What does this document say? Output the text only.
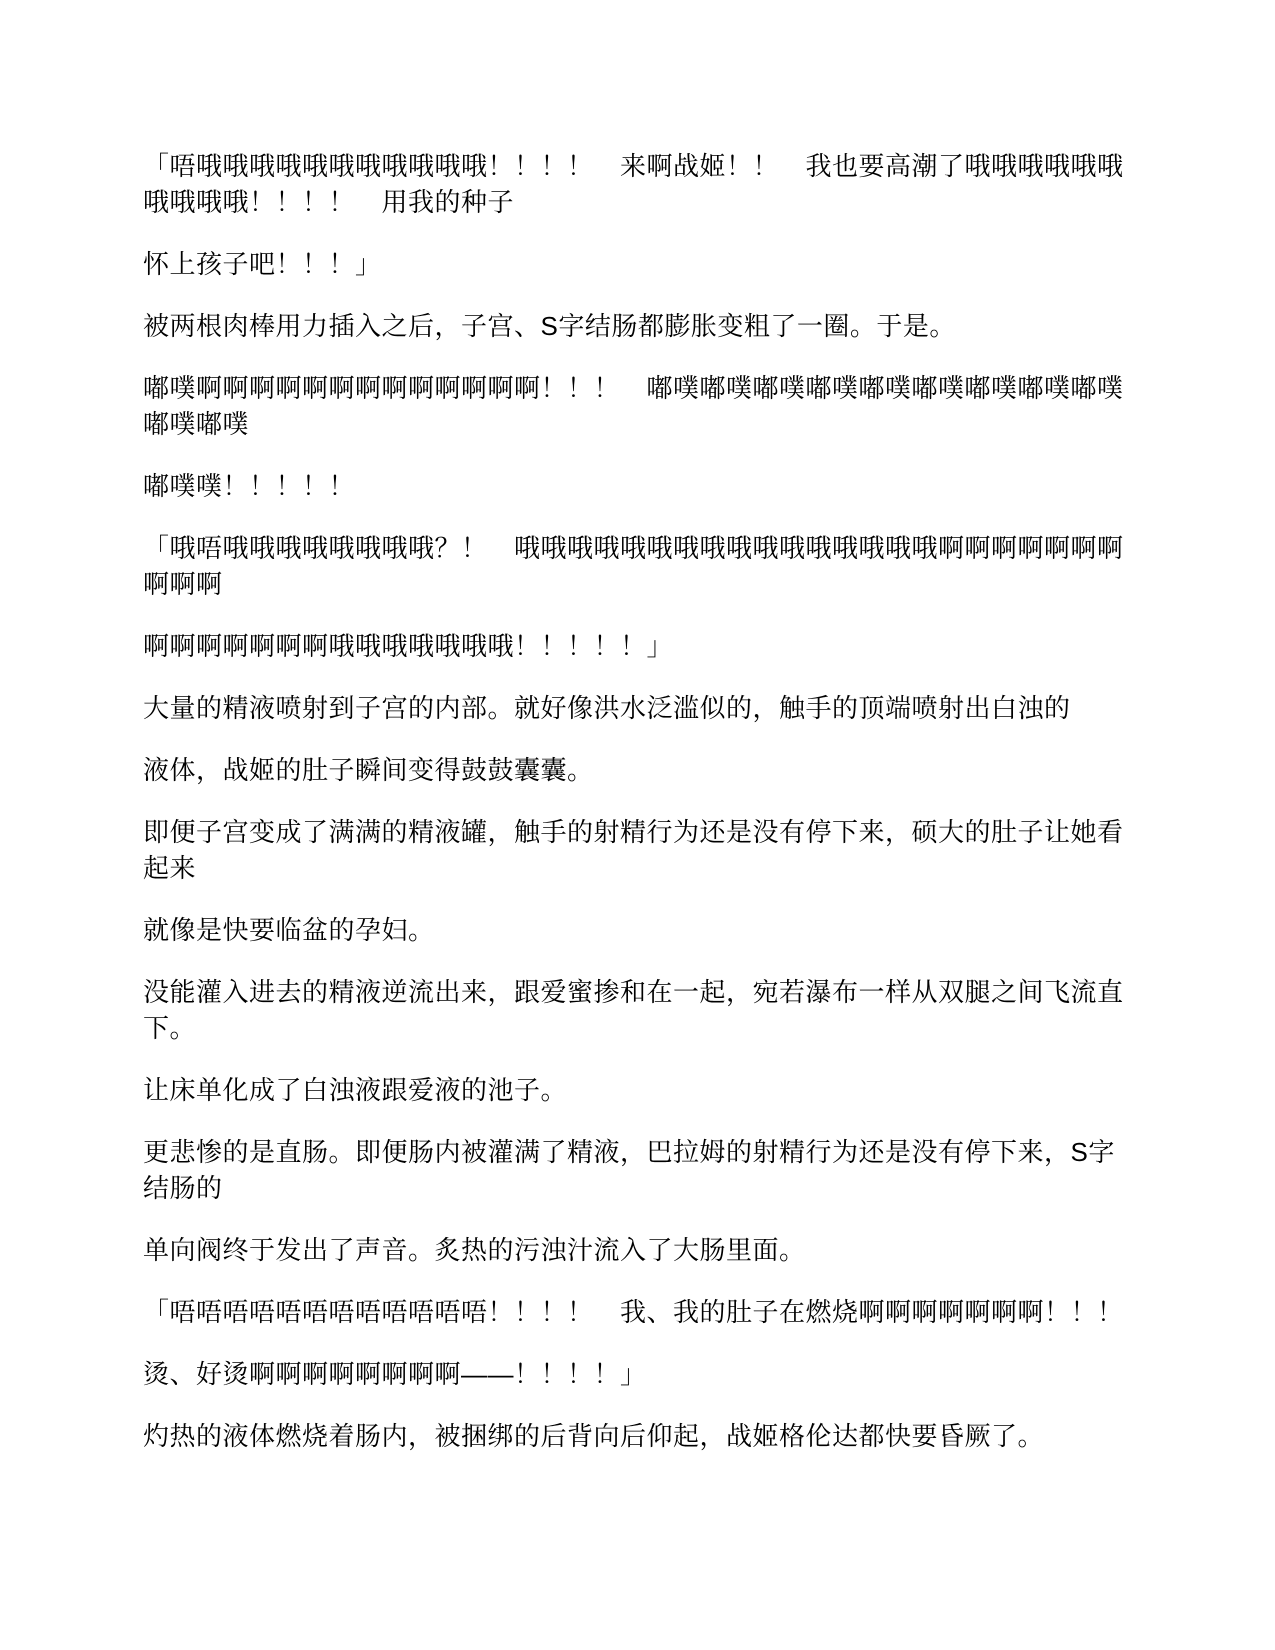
「唔哦哦哦哦哦哦哦哦哦哦哦！！！！　来啊战姬！！　我也要高潮了哦哦哦哦哦哦哦哦哦哦！！！！　用我的种子

怀上孩子吧！！！」

被两根肉棒用力插入之后，子宫、S字结肠都膨胀变粗了一圈。于是。

嘟噗啊啊啊啊啊啊啊啊啊啊啊啊啊！！！　嘟噗嘟噗嘟噗嘟噗嘟噗嘟噗嘟噗嘟噗嘟噗嘟噗嘟噗

嘟噗噗！！！！！

「哦唔哦哦哦哦哦哦哦哦？！　哦哦哦哦哦哦哦哦哦哦哦哦哦哦哦哦啊啊啊啊啊啊啊啊啊啊

啊啊啊啊啊啊啊哦哦哦哦哦哦哦！！！！！」

大量的精液喷射到子宫的内部。就好像洪水泛滥似的，触手的顶端喷射出白浊的

液体，战姬的肚子瞬间变得鼓鼓囊囊。

即便子宫变成了满满的精液罐，触手的射精行为还是没有停下来，硕大的肚子让她看起来

就像是快要临盆的孕妇。

没能灌入进去的精液逆流出来，跟爱蜜掺和在一起，宛若瀑布一样从双腿之间飞流直下。

让床单化成了白浊液跟爱液的池子。

更悲惨的是直肠。即便肠内被灌满了精液，巴拉姆的射精行为还是没有停下来，S字结肠的

单向阀终于发出了声音。炙热的污浊汁流入了大肠里面。

「唔唔唔唔唔唔唔唔唔唔唔唔！！！！　我、我的肚子在燃烧啊啊啊啊啊啊啊！！！

烫、好烫啊啊啊啊啊啊啊啊——！！！！」

灼热的液体燃烧着肠内，被捆绑的后背向后仰起，战姬格伦达都快要昏厥了。
